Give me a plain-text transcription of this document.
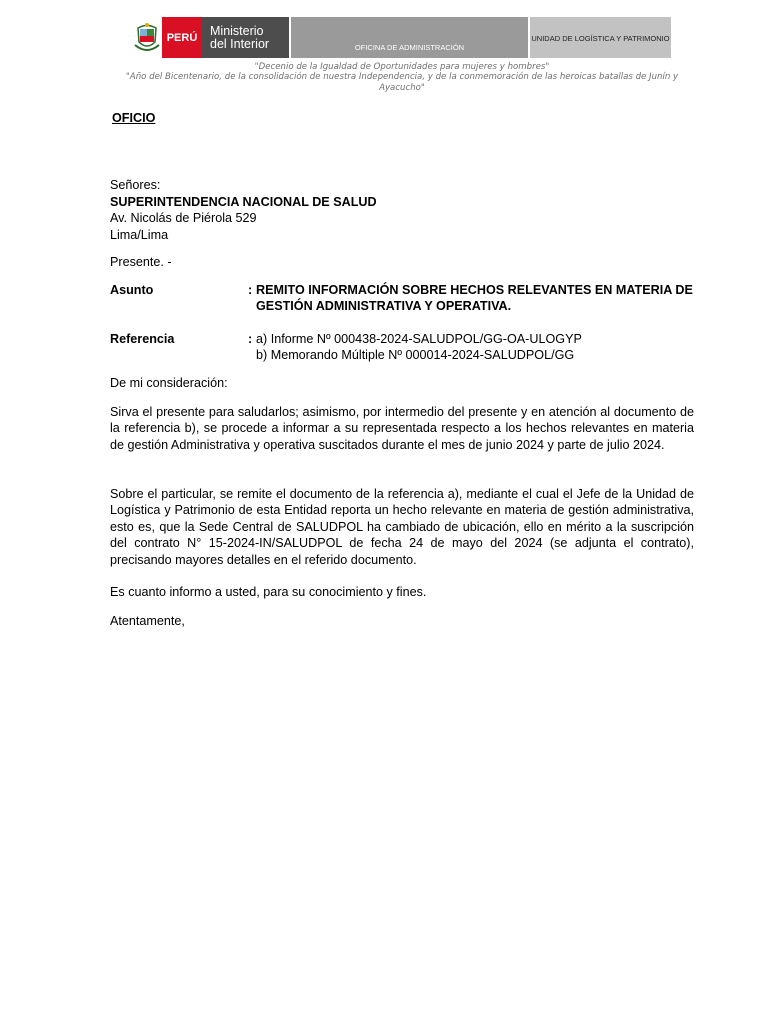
PERÚ	Ministerio
del Interior	OFICINA DE ADMINISTRACIÓN
UNIDAD DE LOGÍSTICA Y PATRIMONIO
"Decenio de la Igualdad de Oportunidades para mujeres y hombres"
"Año del Bicentenario, de la consolidación de nuestra Independencia, y de la conmemoración de las heroicas batallas de Junín y Ayacucho"
OFICIO
Señores:
SUPERINTENDENCIA NACIONAL DE SALUD
Av. Nicolás de Piérola 529
Lima/Lima
Presente. -
Asunto	: REMITO INFORMACIÓN SOBRE HECHOS RELEVANTES EN MATERIA DE GESTIÓN ADMINISTRATIVA Y OPERATIVA.
Referencia	: a) Informe Nº 000438-2024-SALUDPOL/GG-OA-ULOGYP
b) Memorando Múltiple Nº 000014-2024-SALUDPOL/GG
De mi consideración:
Sirva el presente para saludarlos; asimismo, por intermedio del presente y en atención al documento de la referencia b), se procede a informar a su representada respecto a los hechos relevantes en materia de gestión Administrativa y operativa suscitados durante el mes de junio 2024 y parte de julio 2024.
Sobre el particular, se remite el documento de la referencia a), mediante el cual el Jefe de la Unidad de Logística y Patrimonio de esta Entidad reporta un hecho relevante en materia de gestión administrativa, esto es, que la Sede Central de SALUDPOL ha cambiado de ubicación, ello en mérito a la suscripción del contrato N° 15-2024-IN/SALUDPOL de fecha 24 de mayo del 2024 (se adjunta el contrato), precisando mayores detalles en el referido documento.
Es cuanto informo a usted, para su conocimiento y fines.
Atentamente,
